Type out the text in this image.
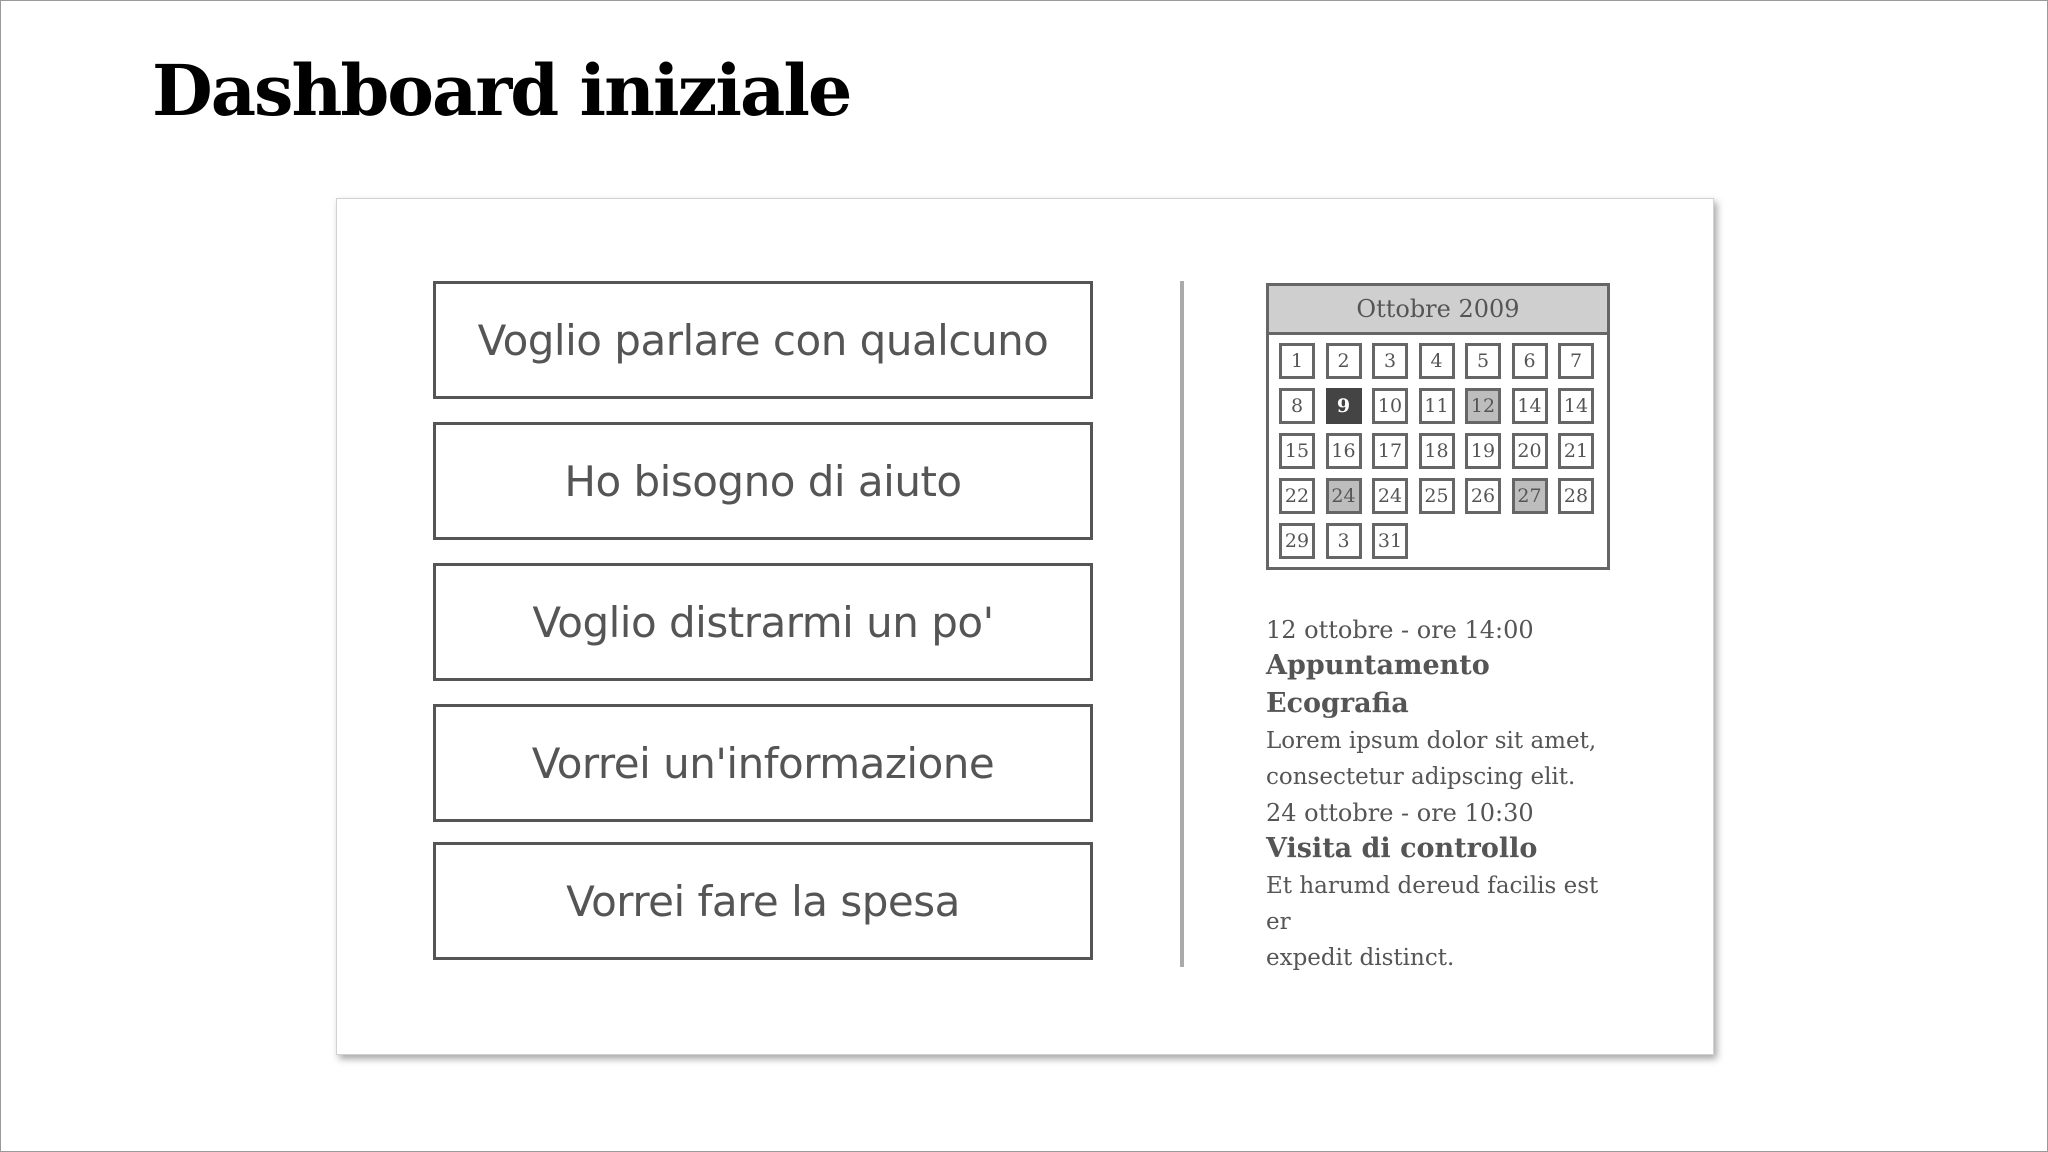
Dashboard iniziale
Voglio parlare con qualcuno
Ho bisogno di aiuto
Voglio distrarmi un po'
Vorrei un'informazione
Vorrei fare la spesa
Ottobre 2009
1	2	3	4	5	6	7
8	9	10	11	12	14	14
15	16	17	18	19	20	21
22	24	24	25	26	27	28
29	3	31
12 ottobre - ore 14:00
Appuntamento Ecografia
Lorem ipsum dolor sit amet,
consectetur adipscing elit.
24 ottobre - ore 10:30
Visita di controllo
Et harumd dereud facilis est er
expedit distinct.
